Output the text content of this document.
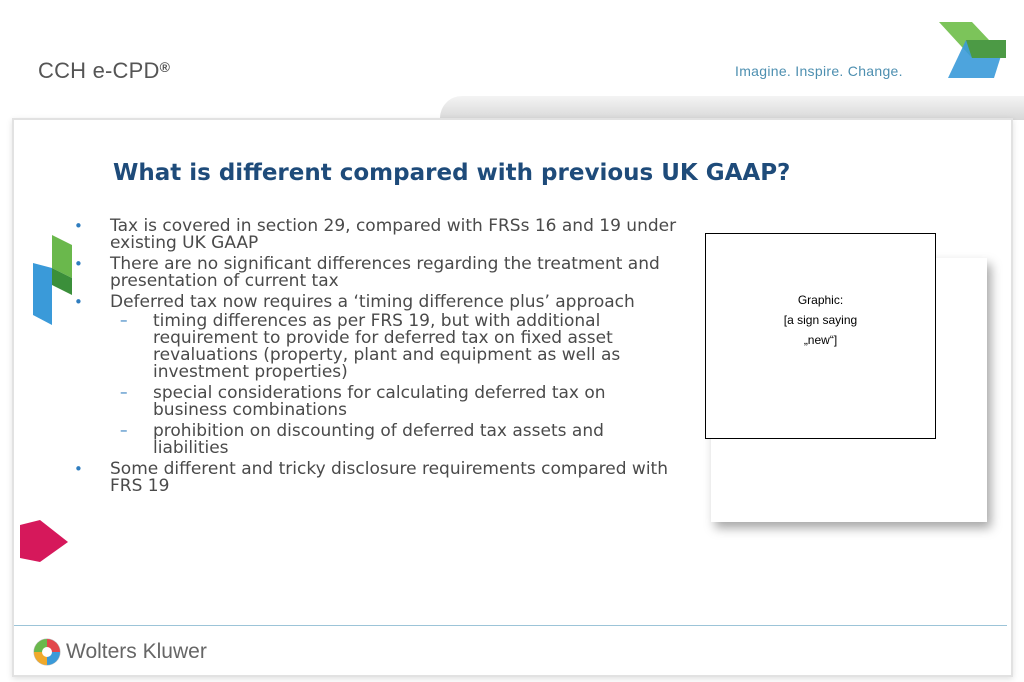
CCH e-CPD®	Imagine. Inspire. Change.
What is different compared with previous UK GAAP?
• Tax is covered in section 29, compared with FRSs 16 and 19 under existing UK GAAP
• There are no significant differences regarding the treatment and presentation of current tax
• Deferred tax now requires a ‘timing difference plus’ approach
– timing differences as per FRS 19, but with additional requirement to provide for deferred tax on fixed asset revaluations (property, plant and equipment as well as investment properties)
– special considerations for calculating deferred tax on business combinations
– prohibition on discounting of deferred tax assets and liabilities
• Some different and tricky disclosure requirements compared with FRS 19
Graphic:
[a sign saying
„new“]
Wolters Kluwer
